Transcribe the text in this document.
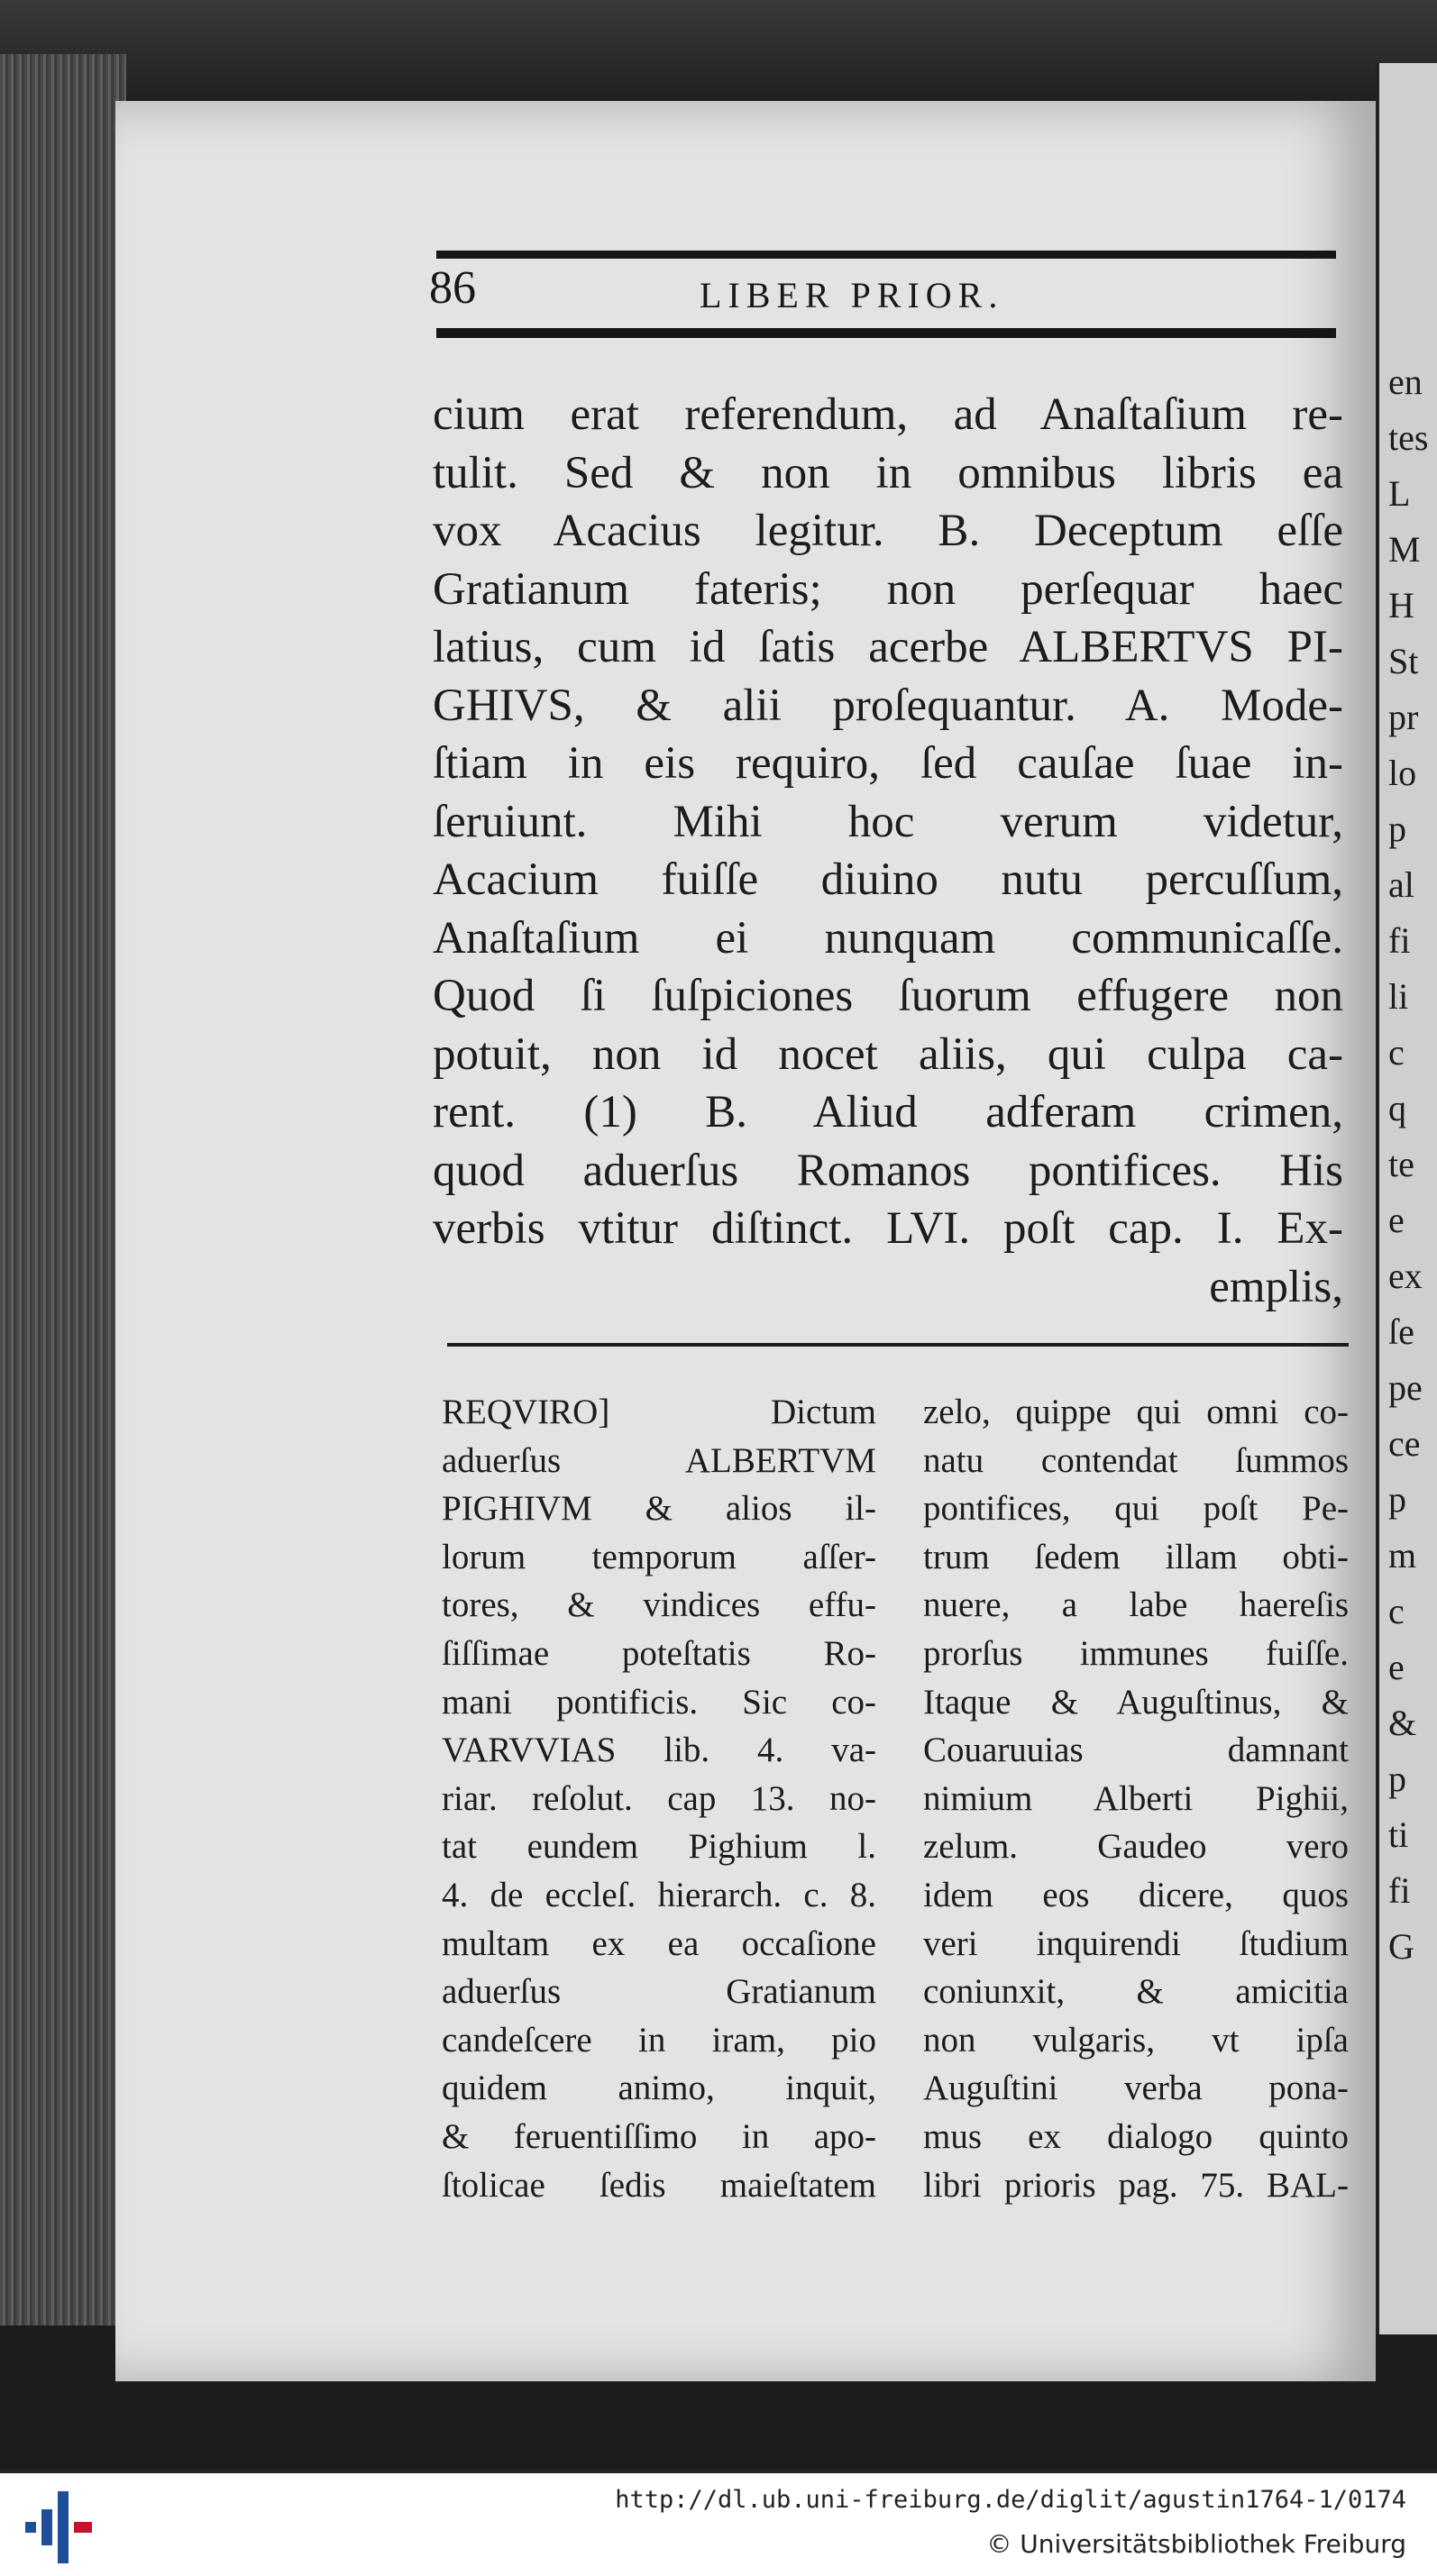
en
tes
L
M
H
St
pr
lo
p
al
fi
li
c
q
te
e
ex
ſe
pe
ce
p
m
c
e
&
p
ti
fi
G
86	LIBER PRIOR.
cium erat referendum, ad Anaſtaſium re-
tulit. Sed & non in omnibus libris ea
vox Acacius legitur. B. Deceptum eſſe
Gratianum fateris; non perſequar haec
latius, cum id ſatis acerbe ALBERTVS PI-
GHIVS, & alii proſequantur. A. Mode-
ſtiam in eis requiro, ſed cauſae ſuae in-
ſeruiunt. Mihi hoc verum videtur,
Acacium fuiſſe diuino nutu percuſſum,
Anaſtaſium ei nunquam communicaſſe.
Quod ſi ſuſpiciones ſuorum effugere non
potuit, non id nocet aliis, qui culpa ca-
rent. (1) B. Aliud adferam crimen,
quod aduerſus Romanos pontifices. His
verbis vtitur diſtinct. LVI. poſt cap. I. Ex-
emplis,
REQVIRO] Dictum
aduerſus ALBERTVM
PIGHIVM & alios il-
lorum temporum aſſer-
tores, & vindices effu-
ſiſſimae poteſtatis Ro-
mani pontificis. Sic co-
VARVVIAS lib. 4. va-
riar. reſolut. cap 13. no-
tat eundem Pighium l.
4. de eccleſ. hierarch. c. 8.
multam ex ea occaſione
aduerſus Gratianum
candeſcere in iram, pio
quidem animo, inquit,
& feruentiſſimo in apo-
ſtolicae ſedis maieſtatem
zelo, quippe qui omni co-
natu contendat ſummos
pontifices, qui poſt Pe-
trum ſedem illam obti-
nuere, a labe haereſis
prorſus immunes fuiſſe.
Itaque & Auguſtinus, &
Couaruuias damnant
nimium Alberti Pighii,
zelum. Gaudeo vero
idem eos dicere, quos
veri inquirendi ſtudium
coniunxit, & amicitia
non vulgaris, vt ipſa
Auguſtini verba pona-
mus ex dialogo quinto
libri prioris pag. 75. BAL-
http://dl.ub.uni-freiburg.de/diglit/agustin1764-1/0174
© Universitätsbibliothek Freiburg
